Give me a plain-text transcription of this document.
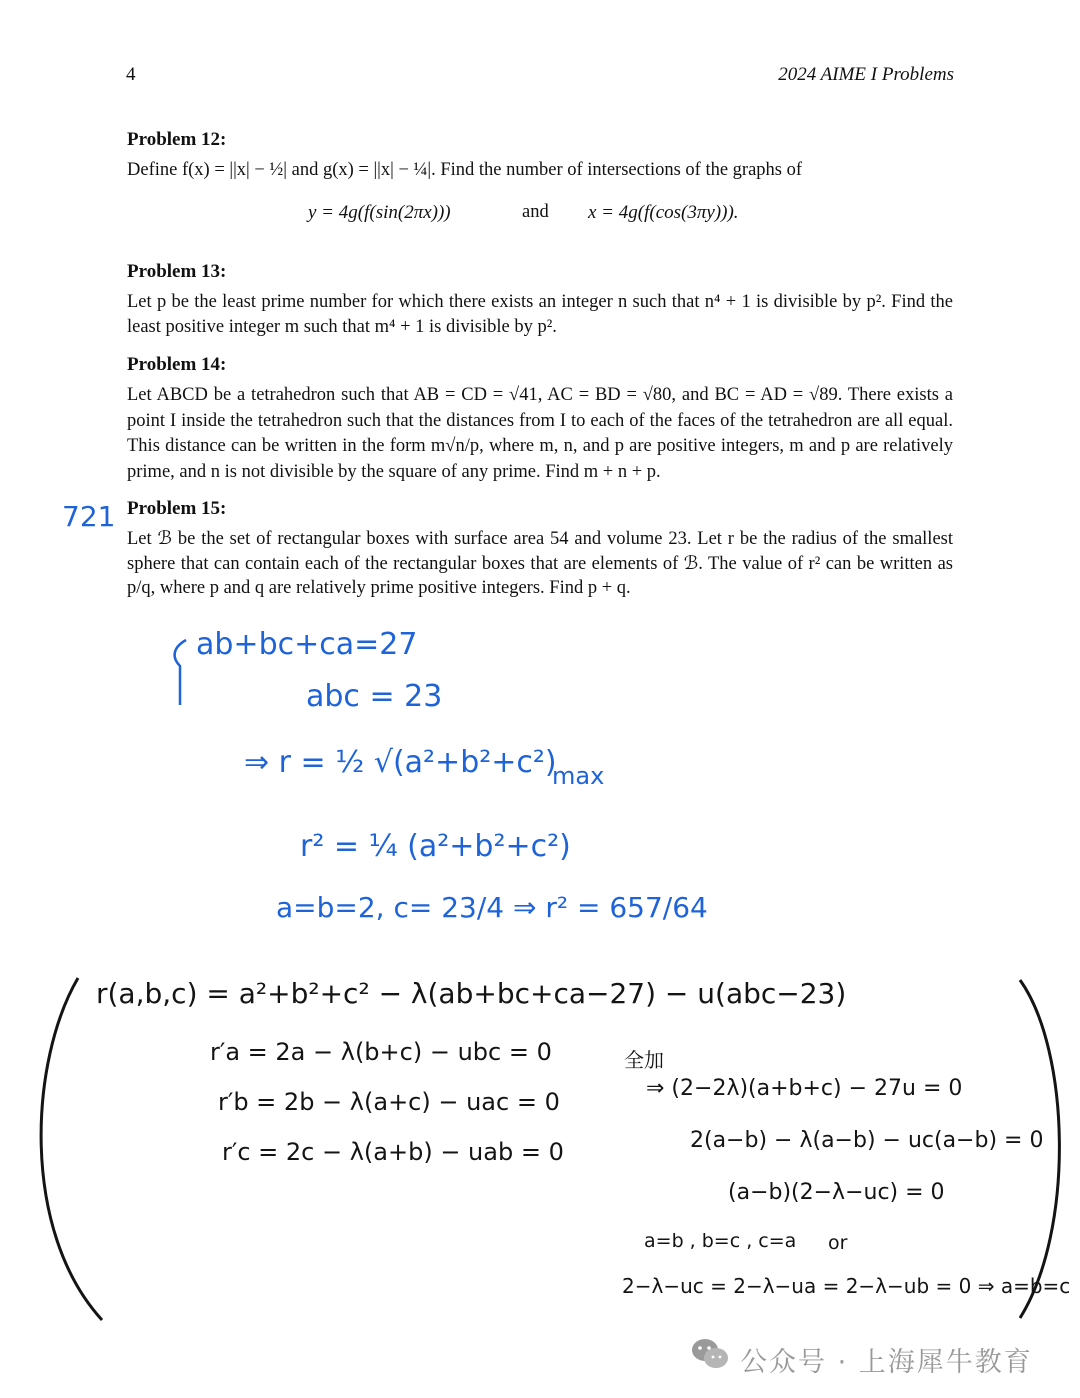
4	2024 AIME I Problems
Problem 12:
Define f(x) = ||x| − ½| and g(x) = ||x| − ¼|. Find the number of intersections of the graphs of
y = 4g(f(sin(2πx)))	and x = 4g(f(cos(3πy))).
Problem 13:
Let p be the least prime number for which there exists an integer n such that n⁴ + 1 is divisible by p². Find the least positive integer m such that m⁴ + 1 is divisible by p².
Problem 14:
Let ABCD be a tetrahedron such that AB = CD = √41, AC = BD = √80, and BC = AD = √89. There exists a point I inside the tetrahedron such that the distances from I to each of the faces of the tetrahedron are all equal. This distance can be written in the form m√n/p, where m, n, and p are positive integers, m and p are relatively prime, and n is not divisible by the square of any prime. Find m + n + p.
721 Problem 15:
Let ℬ be the set of rectangular boxes with surface area 54 and volume 23. Let r be the radius of the smallest sphere that can contain each of the rectangular boxes that are elements of ℬ. The value of r² can be written as p/q, where p and q are relatively prime positive integers. Find p + q.
ab+bc+ca=27
abc = 23
⇒ r = ½ √(a²+b²+c²)
max
r² = ¼ (a²+b²+c²)
a=b=2, c= 23/4 ⇒ r² = 657/64
r(a,b,c) = a²+b²+c² − λ(ab+bc+ca−27) − u(abc−23)
r′a = 2a − λ(b+c) − ubc = 0
r′b = 2b − λ(a+c) − uac = 0
r′c = 2c − λ(a+b) − uab = 0
全加
⇒ (2−2λ)(a+b+c) − 27u = 0
2(a−b) − λ(a−b) − uc(a−b) = 0
(a−b)(2−λ−uc) = 0
a=b , b=c , c=a or
2−λ−uc = 2−λ−ua = 2−λ−ub = 0 ⇒ a=b=c
公众号 · 上海犀牛教育
